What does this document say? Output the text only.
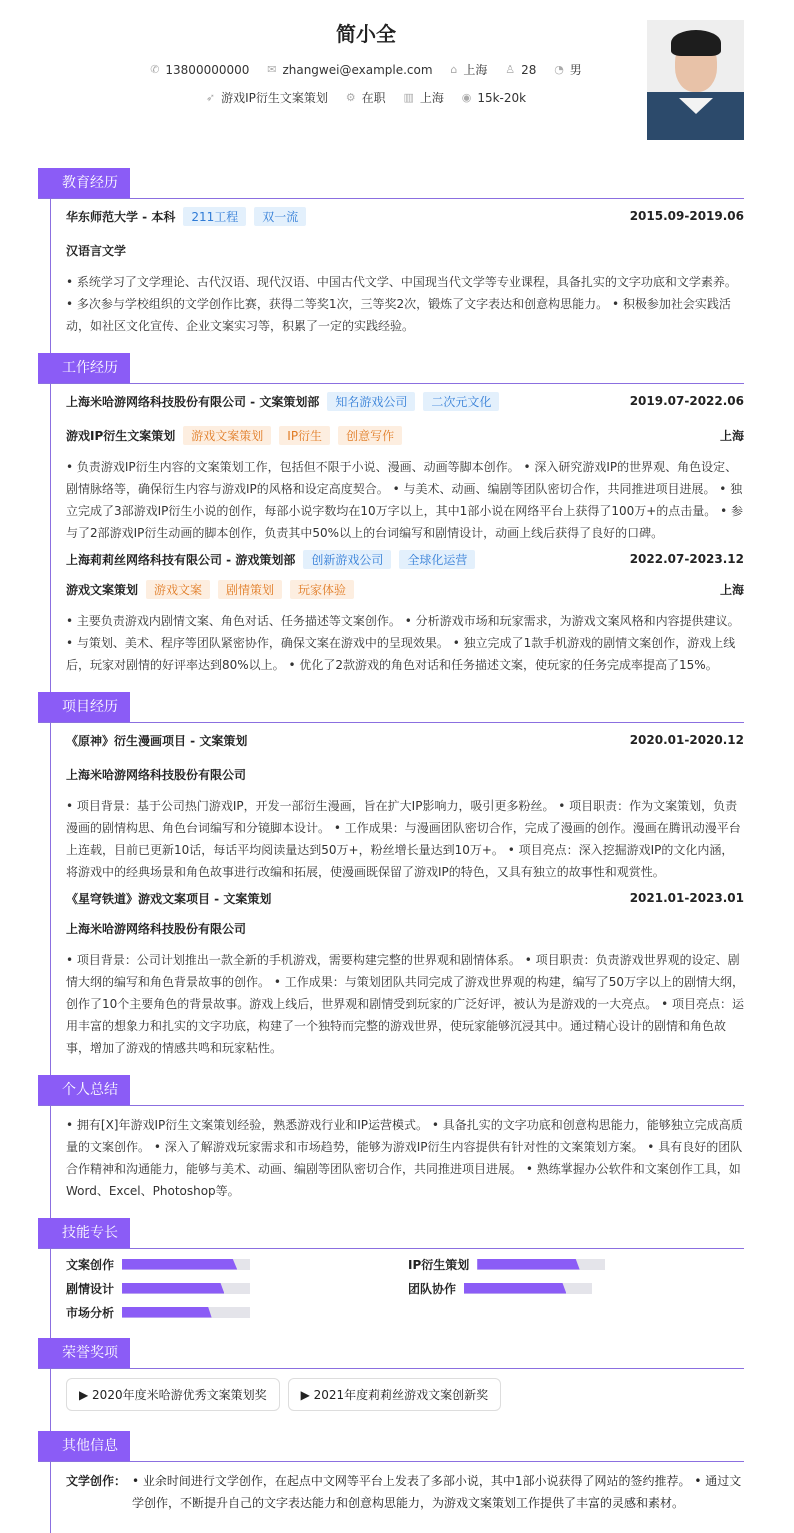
简小全
✆ 13800000000
✉ zhangwei@example.com
⌂ 上海
♙ 28
◔ 男
➶ 游戏IP衍生文案策划
⚙ 在职
▥ 上海
◉ 15k-20k
教育经历
华东师范大学 - 本科	211工程	双一流	2015.09-2019.06
汉语言文学
• 系统学习了文学理论、古代汉语、现代汉语、中国古代文学、中国现当代文学等专业课程，具备扎实的文字功底和文学素养。 • 多次参与学校组织的文学创作比赛，获得二等奖1次，三等奖2次，锻炼了文字表达和创意构思能力。 • 积极参加社会实践活动，如社区文化宣传、企业文案实习等，积累了一定的实践经验。
工作经历
上海米哈游网络科技股份有限公司 - 文案策划部	知名游戏公司	二次元文化	2019.07-2022.06
游戏IP衍生文案策划	游戏文案策划	IP衍生	创意写作	上海
• 负责游戏IP衍生内容的文案策划工作，包括但不限于小说、漫画、动画等脚本创作。 • 深入研究游戏IP的世界观、角色设定、剧情脉络等，确保衍生内容与游戏IP的风格和设定高度契合。 • 与美术、动画、编剧等团队密切合作，共同推进项目进展。 • 独立完成了3部游戏IP衍生小说的创作，每部小说字数均在10万字以上，其中1部小说在网络平台上获得了100万+的点击量。 • 参与了2部游戏IP衍生动画的脚本创作，负责其中50%以上的台词编写和剧情设计，动画上线后获得了良好的口碑。
上海莉莉丝网络科技有限公司 - 游戏策划部	创新游戏公司	全球化运营	2022.07-2023.12
游戏文案策划	游戏文案	剧情策划	玩家体验	上海
• 主要负责游戏内剧情文案、角色对话、任务描述等文案创作。 • 分析游戏市场和玩家需求，为游戏文案风格和内容提供建议。 • 与策划、美术、程序等团队紧密协作，确保文案在游戏中的呈现效果。 • 独立完成了1款手机游戏的剧情文案创作，游戏上线后，玩家对剧情的好评率达到80%以上。 • 优化了2款游戏的角色对话和任务描述文案，使玩家的任务完成率提高了15%。
项目经历
《原神》衍生漫画项目 - 文案策划	2020.01-2020.12
上海米哈游网络科技股份有限公司
• 项目背景：基于公司热门游戏IP，开发一部衍生漫画，旨在扩大IP影响力，吸引更多粉丝。 • 项目职责：作为文案策划，负责漫画的剧情构思、角色台词编写和分镜脚本设计。 • 工作成果：与漫画团队密切合作，完成了漫画的创作。漫画在腾讯动漫平台上连载，目前已更新10话，每话平均阅读量达到50万+，粉丝增长量达到10万+。 • 项目亮点：深入挖掘游戏IP的文化内涵，将游戏中的经典场景和角色故事进行改编和拓展，使漫画既保留了游戏IP的特色，又具有独立的故事性和观赏性。
《星穹铁道》游戏文案项目 - 文案策划	2021.01-2023.01
上海米哈游网络科技股份有限公司
• 项目背景：公司计划推出一款全新的手机游戏，需要构建完整的世界观和剧情体系。 • 项目职责：负责游戏世界观的设定、剧情大纲的编写和角色背景故事的创作。 • 工作成果：与策划团队共同完成了游戏世界观的构建，编写了50万字以上的剧情大纲，创作了10个主要角色的背景故事。游戏上线后，世界观和剧情受到玩家的广泛好评，被认为是游戏的一大亮点。 • 项目亮点：运用丰富的想象力和扎实的文字功底，构建了一个独特而完整的游戏世界，使玩家能够沉浸其中。通过精心设计的剧情和角色故事，增加了游戏的情感共鸣和玩家粘性。
个人总结
• 拥有[X]年游戏IP衍生文案策划经验，熟悉游戏行业和IP运营模式。 • 具备扎实的文字功底和创意构思能力，能够独立完成高质量的文案创作。 • 深入了解游戏玩家需求和市场趋势，能够为游戏IP衍生内容提供有针对性的文案策划方案。 • 具有良好的团队合作精神和沟通能力，能够与美术、动画、编剧等团队密切合作，共同推进项目进展。 • 熟练掌握办公软件和文案创作工具，如Word、Excel、Photoshop等。
技能专长
文案创作	IP衍生策划
剧情设计	团队协作
市场分析
荣誉奖项
▶ 2020年度米哈游优秀文案策划奖	▶ 2021年度莉莉丝游戏文案创新奖
其他信息
文学创作： • 业余时间进行文学创作，在起点中文网等平台上发表了多部小说，其中1部小说获得了网站的签约推荐。 • 通过文学创作，不断提升自己的文字表达能力和创意构思能力，为游戏文案策划工作提供了丰富的灵感和素材。
